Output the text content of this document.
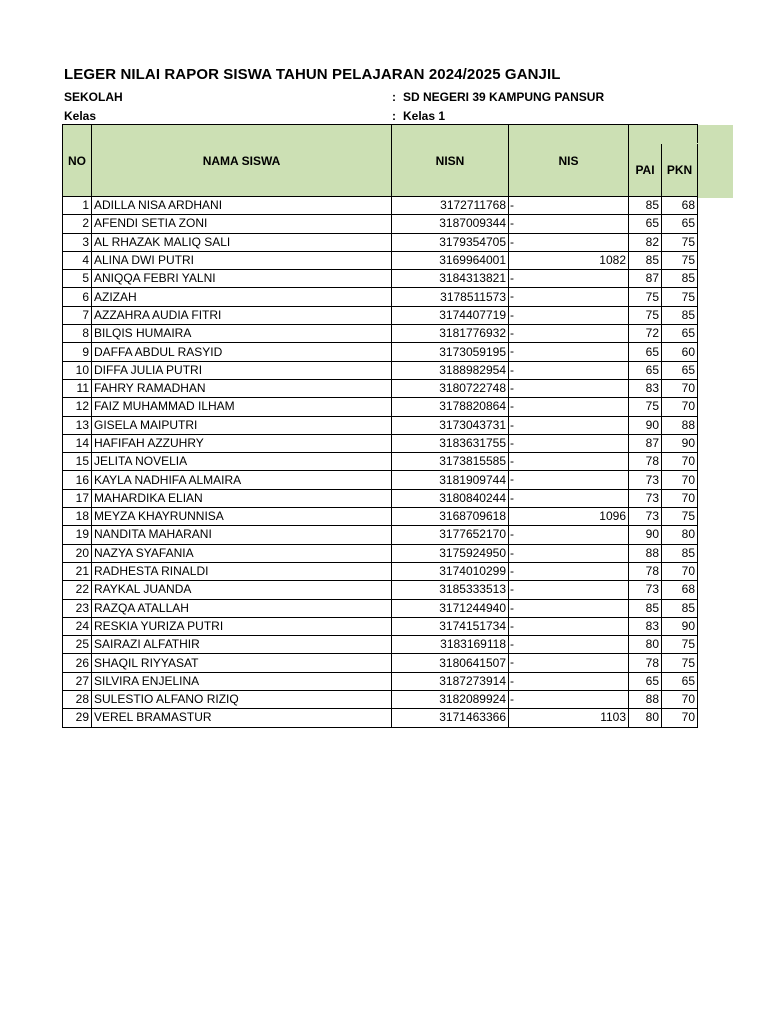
LEGER NILAI RAPOR SISWA TAHUN PELAJARAN 2024/2025 GANJIL
SEKOLAH	: SD NEGERI 39 KAMPUNG PANSUR
Kelas	: Kelas 1
NO	NAMA SISWA	NISN	NIS		
				PAI	PKN
1	ADILLA NISA ARDHANI	3172711768	-	85	68
2	AFENDI SETIA ZONI	3187009344	-	65	65
3	AL RHAZAK MALIQ SALI	3179354705	-	82	75
4	ALINA DWI PUTRI	3169964001	1082	85	75
5	ANIQQA FEBRI YALNI	3184313821	-	87	85
6	AZIZAH	3178511573	-	75	75
7	AZZAHRA AUDIA FITRI	3174407719	-	75	85
8	BILQIS HUMAIRA	3181776932	-	72	65
9	DAFFA ABDUL RASYID	3173059195	-	65	60
10	DIFFA JULIA PUTRI	3188982954	-	65	65
11	FAHRY RAMADHAN	3180722748	-	83	70
12	FAIZ MUHAMMAD ILHAM	3178820864	-	75	70
13	GISELA MAIPUTRI	3173043731	-	90	88
14	HAFIFAH AZZUHRY	3183631755	-	87	90
15	JELITA NOVELIA	3173815585	-	78	70
16	KAYLA NADHIFA ALMAIRA	3181909744	-	73	70
17	MAHARDIKA ELIAN	3180840244	-	73	70
18	MEYZA KHAYRUNNISA	3168709618	1096	73	75
19	NANDITA MAHARANI	3177652170	-	90	80
20	NAZYA SYAFANIA	3175924950	-	88	85
21	RADHESTA RINALDI	3174010299	-	78	70
22	RAYKAL JUANDA	3185333513	-	73	68
23	RAZQA ATALLAH	3171244940	-	85	85
24	RESKIA YURIZA PUTRI	3174151734	-	83	90
25	SAIRAZI ALFATHIR	3183169118	-	80	75
26	SHAQIL RIYYASAT	3180641507	-	78	75
27	SILVIRA ENJELINA	3187273914	-	65	65
28	SULESTIO ALFANO RIZIQ	3182089924	-	88	70
29	VEREL BRAMASTUR	3171463366	1103	80	70
